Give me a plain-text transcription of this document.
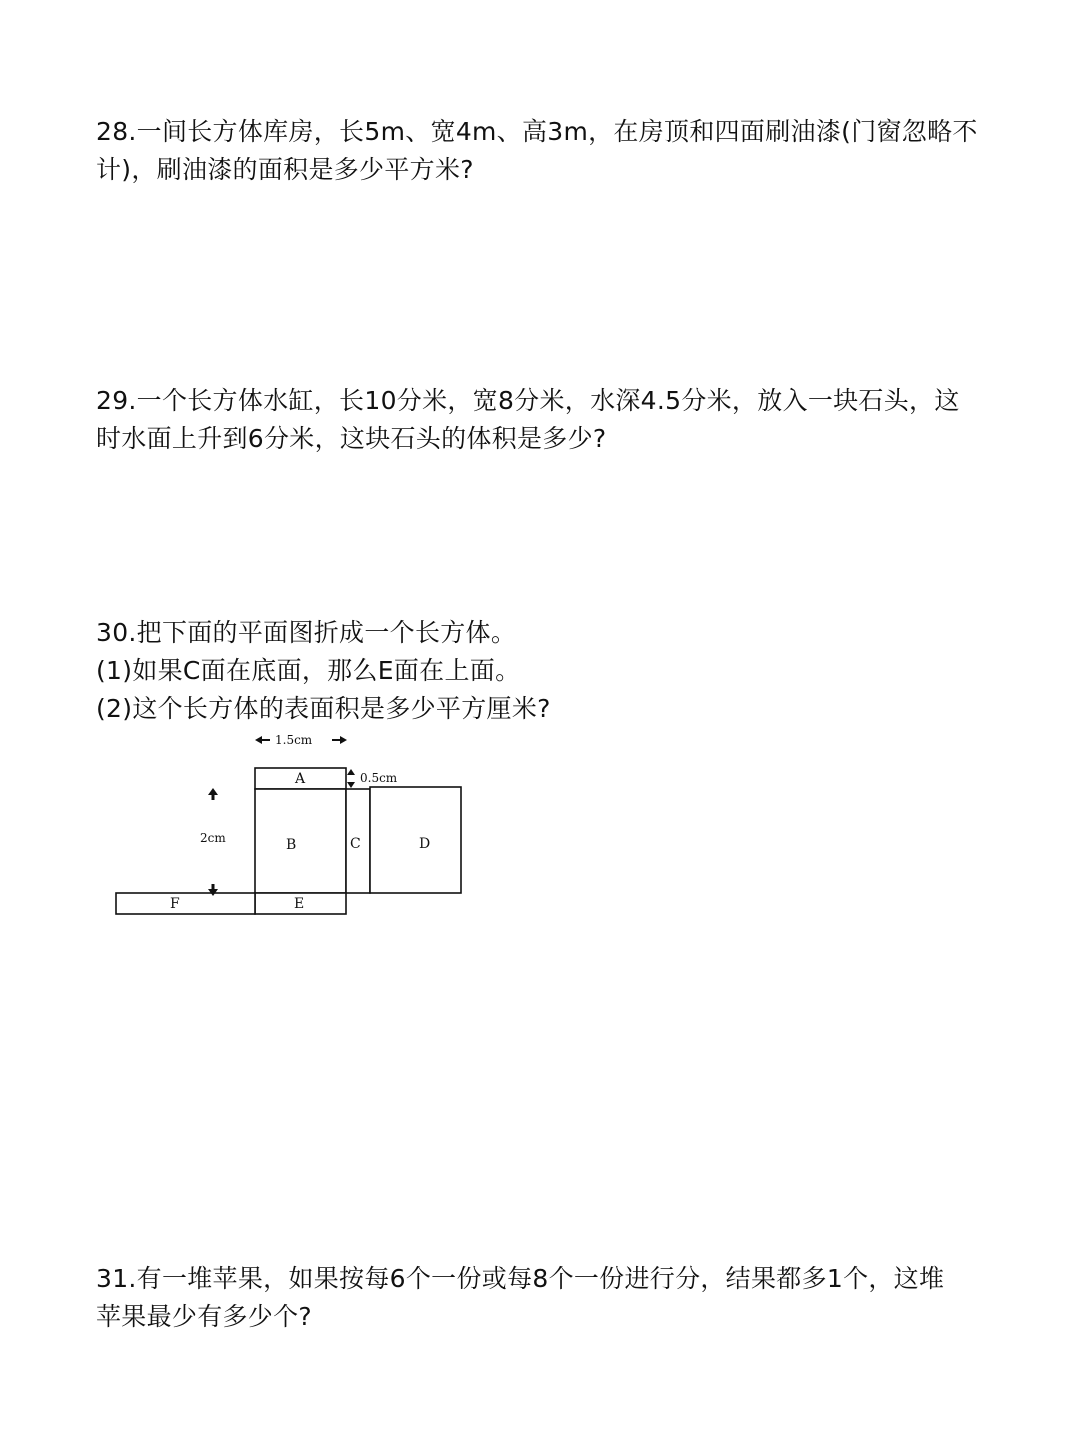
28.一间长方体库房，长5m、宽4m、高3m，在房顶和四面刷油漆(门窗忽略不

计)，刷油漆的面积是多少平方米?

29.一个长方体水缸，长10分米，宽8分米，水深4.5分米，放入一块石头，这

时水面上升到6分米，这块石头的体积是多少?

30.把下面的平面图折成一个长方体。

(1)如果C面在底面，那么E面在上面。

(2)这个长方体的表面积是多少平方厘米?

1.5cm
A
B	C	D
E
F
0.5cm
2cm

31.有一堆苹果，如果按每6个一份或每8个一份进行分，结果都多1个，这堆

苹果最少有多少个?
